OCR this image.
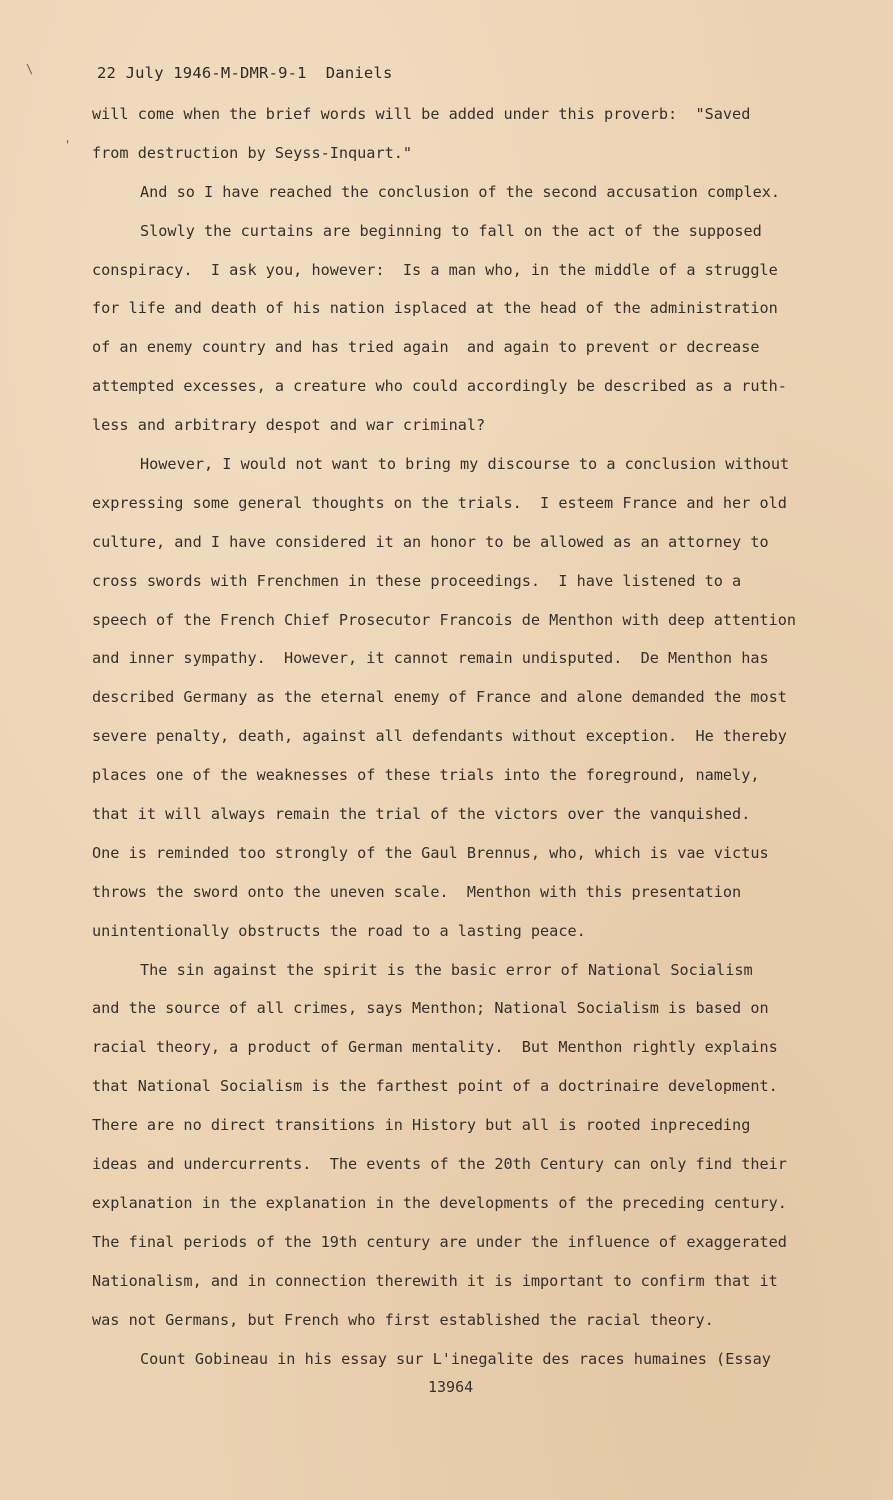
\
'
22 July 1946-M-DMR-9-1  Daniels
will come when the brief words will be added under this proverb:  "Saved
from destruction by Seyss-Inquart."
And so I have reached the conclusion of the second accusation complex.
Slowly the curtains are beginning to fall on the act of the supposed
conspiracy.  I ask you, however:  Is a man who, in the middle of a struggle
for life and death of his nation isplaced at the head of the administration
of an enemy country and has tried again  and again to prevent or decrease
attempted excesses, a creature who could accordingly be described as a ruth-
less and arbitrary despot and war criminal?
However, I would not want to bring my discourse to a conclusion without
expressing some general thoughts on the trials.  I esteem France and her old
culture, and I have considered it an honor to be allowed as an attorney to
cross swords with Frenchmen in these proceedings.  I have listened to a
speech of the French Chief Prosecutor Francois de Menthon with deep attention
and inner sympathy.  However, it cannot remain undisputed.  De Menthon has
described Germany as the eternal enemy of France and alone demanded the most
severe penalty, death, against all defendants without exception.  He thereby
places one of the weaknesses of these trials into the foreground, namely,
that it will always remain the trial of the victors over the vanquished.
One is reminded too strongly of the Gaul Brennus, who, which is vae victus
throws the sword onto the uneven scale.  Menthon with this presentation
unintentionally obstructs the road to a lasting peace.
The sin against the spirit is the basic error of National Socialism
and the source of all crimes, says Menthon; National Socialism is based on
racial theory, a product of German mentality.  But Menthon rightly explains
that National Socialism is the farthest point of a doctrinaire development.
There are no direct transitions in History but all is rooted inpreceding
ideas and undercurrents.  The events of the 20th Century can only find their
explanation in the explanation in the developments of the preceding century.
The final periods of the 19th century are under the influence of exaggerated
Nationalism, and in connection therewith it is important to confirm that it
was not Germans, but French who first established the racial theory.
Count Gobineau in his essay sur L'inegalite des races humaines (Essay
13964
